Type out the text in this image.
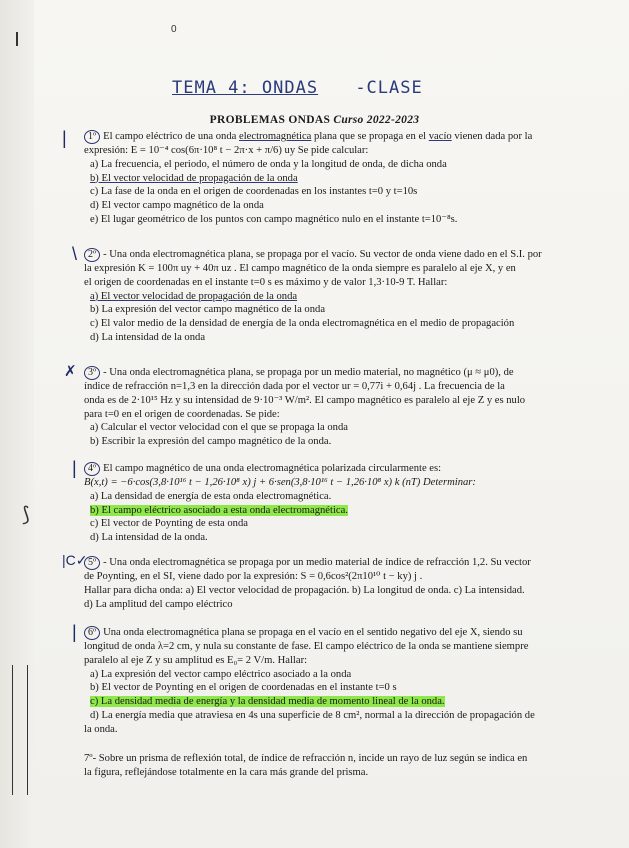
0
TEMA 4: ONDAS -CLASE
PROBLEMAS ONDAS Curso 2022-2023
|
\
✗
|
|C✓
|
⟆

1º El campo eléctrico de una onda electromagnética plana que se propaga en el vacío vienen dada por la

expresión: E = 10⁻⁴ cos(6π·10⁸ t − 2π·x + π/6) uy Se pide calcular:

a) La frecuencia, el periodo, el número de onda y la longitud de onda, de dicha onda

b) El vector velocidad de propagación de la onda

c) La fase de la onda en el origen de coordenadas en los instantes t=0 y t=10s

d) El vector campo magnético de la onda

e) El lugar geométrico de los puntos con campo magnético nulo en el instante t=10⁻⁸s.

2º - Una onda electromagnética plana, se propaga por el vacío. Su vector de onda viene dado en el S.I. por

la expresión K = 100π uy + 40π uz . El campo magnético de la onda siempre es paralelo al eje X, y en

el origen de coordenadas en el instante t=0 s es máximo y de valor 1,3·10-9 T. Hallar:

a) El vector velocidad de propagación de la onda

b) La expresión del vector campo magnético de la onda

c) El valor medio de la densidad de energía de la onda electromagnética en el medio de propagación

d) La intensidad de la onda

3º - Una onda electromagnética plana, se propaga por un medio material, no magnético (μ ≈ μ0), de

índice de refracción n=1,3 en la dirección dada por el vector ur = 0,77i + 0,64j . La frecuencia de la

onda es de 2·10¹⁵ Hz y su intensidad de 9·10⁻³ W/m². El campo magnético es paralelo al eje Z y es nulo

para t=0 en el origen de coordenadas. Se pide:

a) Calcular el vector velocidad con el que se propaga la onda

b) Escribir la expresión del campo magnético de la onda.

4º El campo magnético de una onda electromagnética polarizada circularmente es:

B(x,t) = −6·cos(3,8·10¹⁶ t − 1,26·10⁸ x) j + 6·sen(3,8·10¹⁶ t − 1,26·10⁸ x) k (nT) Determinar:

a) La densidad de energía de esta onda electromagnética.

b) El campo eléctrico asociado a esta onda electromagnética.

c) El vector de Poynting de esta onda

d) La intensidad de la onda.

5º - Una onda electromagnética se propaga por un medio material de índice de refracción 1,2. Su vector

de Poynting, en el SI, viene dado por la expresión: S = 0,6cos²(2π10¹⁰ t − ky) j .

Hallar para dicha onda: a) El vector velocidad de propagación. b) La longitud de onda. c) La intensidad.

d) La amplitud del campo eléctrico

6º Una onda electromagnética plana se propaga en el vacío en el sentido negativo del eje X, siendo su

longitud de onda λ=2 cm, y nula su constante de fase. El campo eléctrico de la onda se mantiene siempre

paralelo al eje Z y su amplitud es E₀= 2 V/m. Hallar:

a) La expresión del vector campo eléctrico asociado a la onda

b) El vector de Poynting en el origen de coordenadas en el instante t=0 s

c) La densidad media de energía y la densidad media de momento lineal de la onda.

d) La energía media que atraviesa en 4s una superficie de 8 cm², normal a la dirección de propagación de

la onda.

7º- Sobre un prisma de reflexión total, de índice de refracción n, incide un rayo de luz según se indica en

la figura, reflejándose totalmente en la cara más grande del prisma.
